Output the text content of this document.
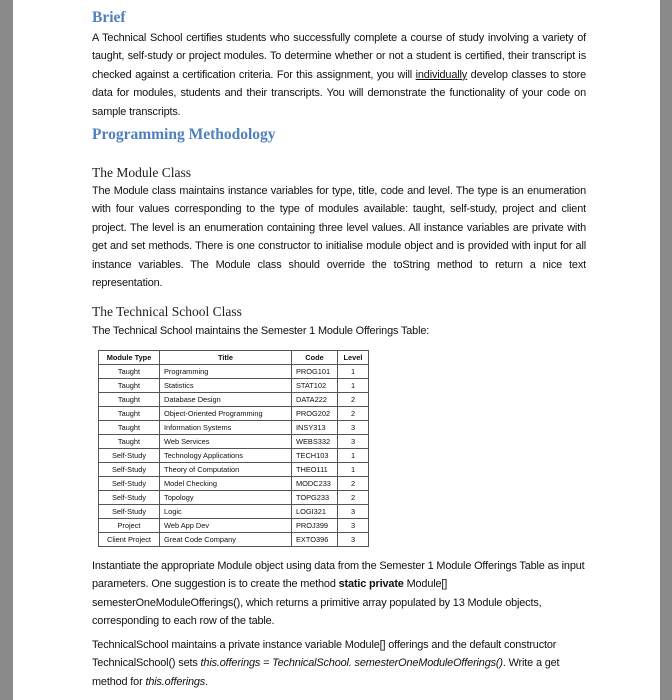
Brief

A Technical School certifies students who successfully complete a course of study involving a variety of taught, self-study or project modules. To determine whether or not a student is certified, their transcript is checked against a certification criteria. For this assignment, you will individually develop classes to store data for modules, students and their transcripts. You will demonstrate the functionality of your code on sample transcripts.

Programming Methodology
The Module Class

The Module class maintains instance variables for type, title, code and level. The type is an enumeration with four values corresponding to the type of modules available: taught, self-study, project and client project. The level is an enumeration containing three level values. All instance variables are private with get and set methods. There is one constructor to initialise module object and is provided with input for all instance variables. The Module class should override the toString method to return a nice text representation.

The Technical School Class

The Technical School maintains the Semester 1 Module Offerings Table:

Module Type	Title	Code	Level
Taught	Programming	PROG101	1
Taught	Statistics	STAT102	1
Taught	Database Design	DATA222	2
Taught	Object-Oriented Programming	PROG202	2
Taught	Information Systems	INSY313	3
Taught	Web Services	WEBS332	3
Self-Study	Technology Applications	TECH103	1
Self-Study	Theory of Computation	THEO111	1
Self-Study	Model Checking	MODC233	2
Self-Study	Topology	TOPG233	2
Self-Study	Logic	LOGI321	3
Project	Web App Dev	PROJ399	3
Client Project	Great Code Company	EXTO396	3

Instantiate the appropriate Module object using data from the Semester 1 Module Offerings Table as input parameters. One suggestion is to create the method static private Module[] semesterOneModuleOfferings(), which returns a primitive array populated by 13 Module objects, corresponding to each row of the table.

TechnicalSchool maintains a private instance variable Module[] offerings and the default constructor TechnicalSchool() sets this.offerings = TechnicalSchool. semesterOneModuleOfferings(). Write a get method for this.offerings.
